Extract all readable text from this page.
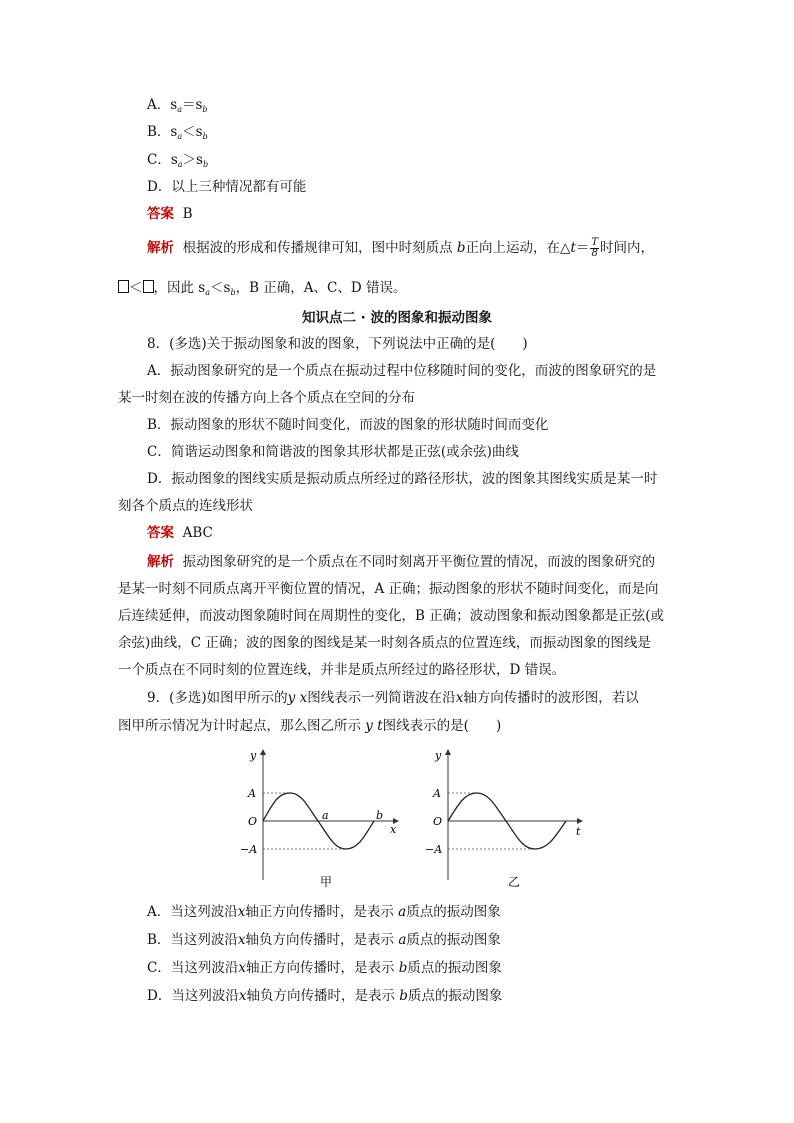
A．$s_a=s_b$
B．$s_a<s_b$
C．$s_a>s_b$
D．以上三种情况都有可能
答案 B
解析 根据波的形成和传播规律可知，图中时刻质点 b正向上运动，在△t＝ $\frac{T}{8}$ 时间内，
＜ ，因此 $s_a<s_b$，B 正确，A、C、D 错误。
知识点二 · 波的图象和振动图象
8．(多选)关于振动图象和波的图象，下列说法中正确的是(　　)
A．振动图象研究的是一个质点在振动过程中位移随时间的变化，而波的图象研究的是
某一时刻在波的传播方向上各个质点在空间的分布
B．振动图象的形状不随时间变化，而波的图象的形状随时间而变化
C．简谐运动图象和简谐波的图象其形状都是正弦(或余弦)曲线
D．振动图象的图线实质是振动质点所经过的路径形状，波的图象其图线实质是某一时
刻各个质点的连线形状
答案 ABC
解析 振动图象研究的是一个质点在不同时刻离开平衡位置的情况，而波的图象研究的
是某一时刻不同质点离开平衡位置的情况，A 正确；振动图象的形状不随时间变化，而是向
后连续延伸，而波动图象随时间在周期性的变化，B 正确；波动图象和振动图象都是正弦(或
余弦)曲线，C 正确；波的图象的图线是某一时刻各质点的位置连线，而振动图象的图线是
一个质点在不同时刻的位置连线，并非是质点所经过的路径形状，D 错误。
9．(多选)如图甲所示的y x图线表示一列简谐波在沿x轴方向传播时的波形图，若以
图甲所示情况为计时起点，那么图乙所示 y t图线表示的是(　　)
y
x
A
O
−A
a	b
甲
y
t
A
O
−A
乙
A．当这列波沿x轴正方向传播时，是表示 a质点的振动图象
B．当这列波沿x轴负方向传播时，是表示 a质点的振动图象
C．当这列波沿x轴正方向传播时，是表示 b质点的振动图象
D．当这列波沿x轴负方向传播时，是表示 b质点的振动图象
